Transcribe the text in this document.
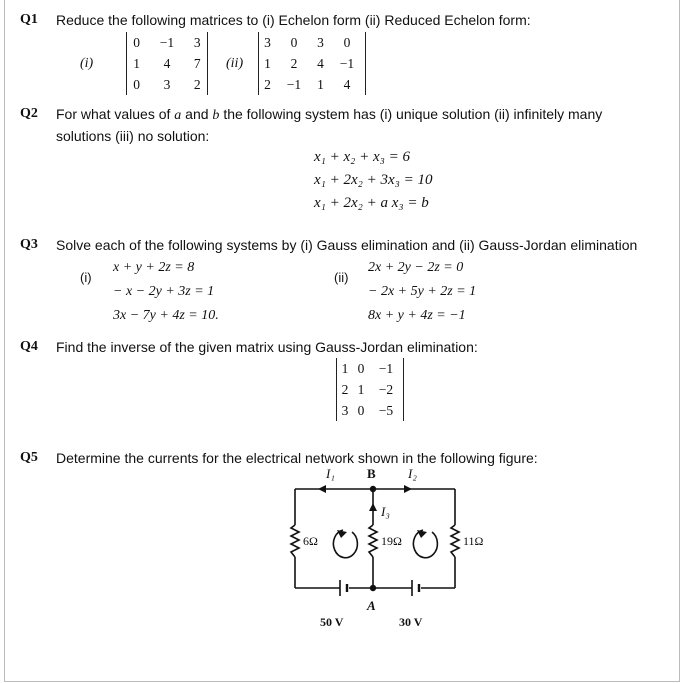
Q1 Reduce the following matrices to (i) Echelon form (ii) Reduced Echelon form:
(i)
0	−1	3
1	4	7
0	3	2
(ii)
3	0	3	0
1	2	4	−1
2	−1	1	4
Q2 For what values of a and b the following system has (i) unique solution (ii) infinitely many
solutions (iii) no solution:
x₁ + x₂ + x₃ = 6
x₁ + 2x₂ + 3x₃ = 10
x₁ + 2x₂ + a x₃ = b
Q3 Solve each of the following systems by (i) Gauss elimination and (ii) Gauss-Jordan elimination
(i)
x + y + 2z = 8
− x − 2y + 3z = 1
3x − 7y + 4z = 10.
(ii)
2x + 2y − 2z = 0
− 2x + 5y + 2z = 1
8x + y + 4z = −1
Q4 Find the inverse of the given matrix using Gauss-Jordan elimination:
1	0	−1
2	1	−2
3	0	−5
Q5 Determine the currents for the electrical network shown in the following figure:
I₁ B I₂
I₃
6Ω	19Ω	11Ω
A
50 V	30 V
